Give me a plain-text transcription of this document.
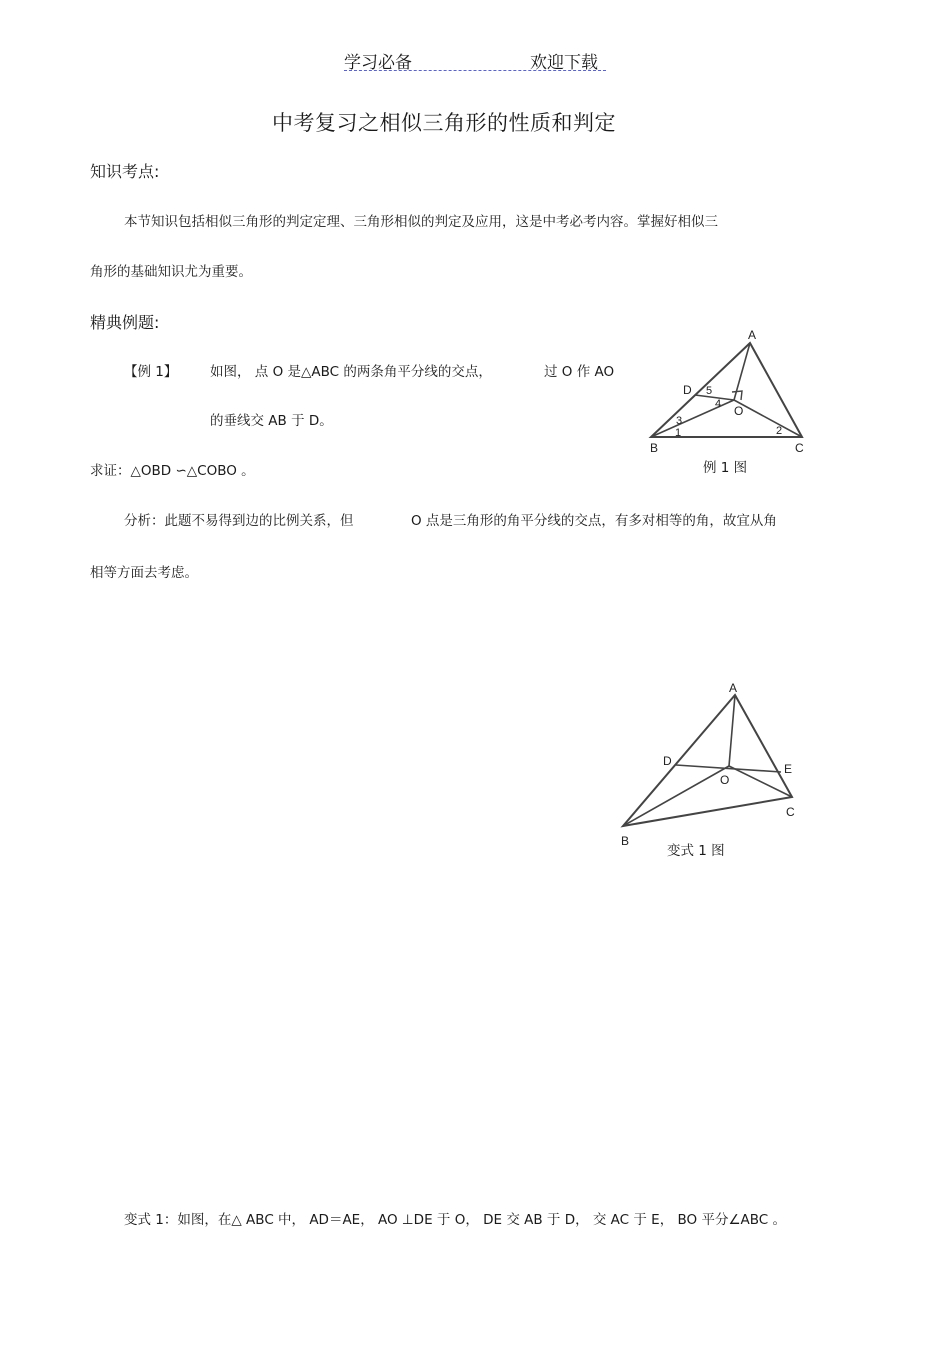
学习必备	欢迎下载
中考复习之相似三角形的性质和判定
知识考点:
本节知识包括相似三角形的判定定理、三角形相似的判定及应用，这是中考必考内容。掌握好相似三
角形的基础知识尤为重要。
精典例题:
【例 1】 如图， 点 O 是△ABC 的两条角平分线的交点，	过 O 作 AO
的垂线交 AB 于 D。
求证：△OBD ∽△COBO 。
分析：此题不易得到边的比例关系，但	O 点是三角形的角平分线的交点，有多对相等的角，故宜从角
相等方面去考虑。
A
B	C
D
O
1	2
3
4
5
例 1 图
A
B
C
D
E
O
变式 1 图
变式 1：如图，在△ ABC 中， AD＝AE， AO ⊥DE 于 O， DE 交 AB 于 D， 交 AC 于 E， BO 平分∠ABC 。
